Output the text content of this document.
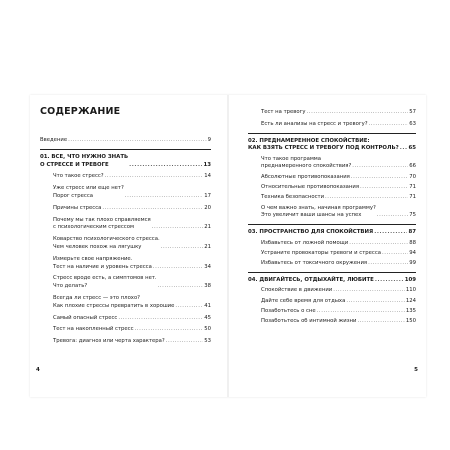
СОДЕРЖАНИЕ
Введение .....	9
01. ВСЕ, ЧТО НУЖНО ЗНАТЬ
О СТРЕССЕ И ТРЕВОГЕ .....	13
Что такое стресс? .....	14
Уже стресс или еще нет?
Порог стресса .....	17
Причины стресса .....	20
Почему мы так плохо справляемся
с психологическим стрессом .....	21
Коварство психологического стресса.
Чем человек похож на лягушку .....	21
Измерьте свое напряжение.
Тест на наличие и уровень стресса .....	34
Стресс вроде есть, а симптомов нет.
Что делать? .....	38
Всегда ли стресс — это плохо?
Как плохие стрессы превратить в хорошие .....	41
Самый опасный стресс .....	45
Тест на накопленный стресс .....	50
Тревога: диагноз или черта характера? .....	53
4
Тест на тревогу .....	57
Есть ли анализы на стресс и тревогу? .....	63
02. ПРЕДНАМЕРЕННОЕ СПОКОЙСТВИЕ:
КАК ВЗЯТЬ СТРЕСС И ТРЕВОГУ ПОД КОНТРОЛЬ? ..... 65
Что такое программа
преднамеренного спокойствия? .....	66
Абсолютные противопоказания .....	70
Относительные противопоказания .....	71
Техника безопасности .....	71
О чем важно знать, начиная программу?
Это увеличит ваши шансы на успех .....	75
03. ПРОСТРАНСТВО ДЛЯ СПОКОЙСТВИЯ .....	87
Избавьтесь от ложной помощи .....	88
Устраните провокаторы тревоги и стресса .....	94
Избавьтесь от токсичного окружения .....	99
04. ДВИГАЙТЕСЬ, ОТДЫХАЙТЕ, ЛЮБИТЕ .....	109
Спокойствие в движении .....	110
Дайте себе время для отдыха .....	124
Позаботьтесь о сне .....	135
Позаботьтесь об интимной жизни .....	150
5
